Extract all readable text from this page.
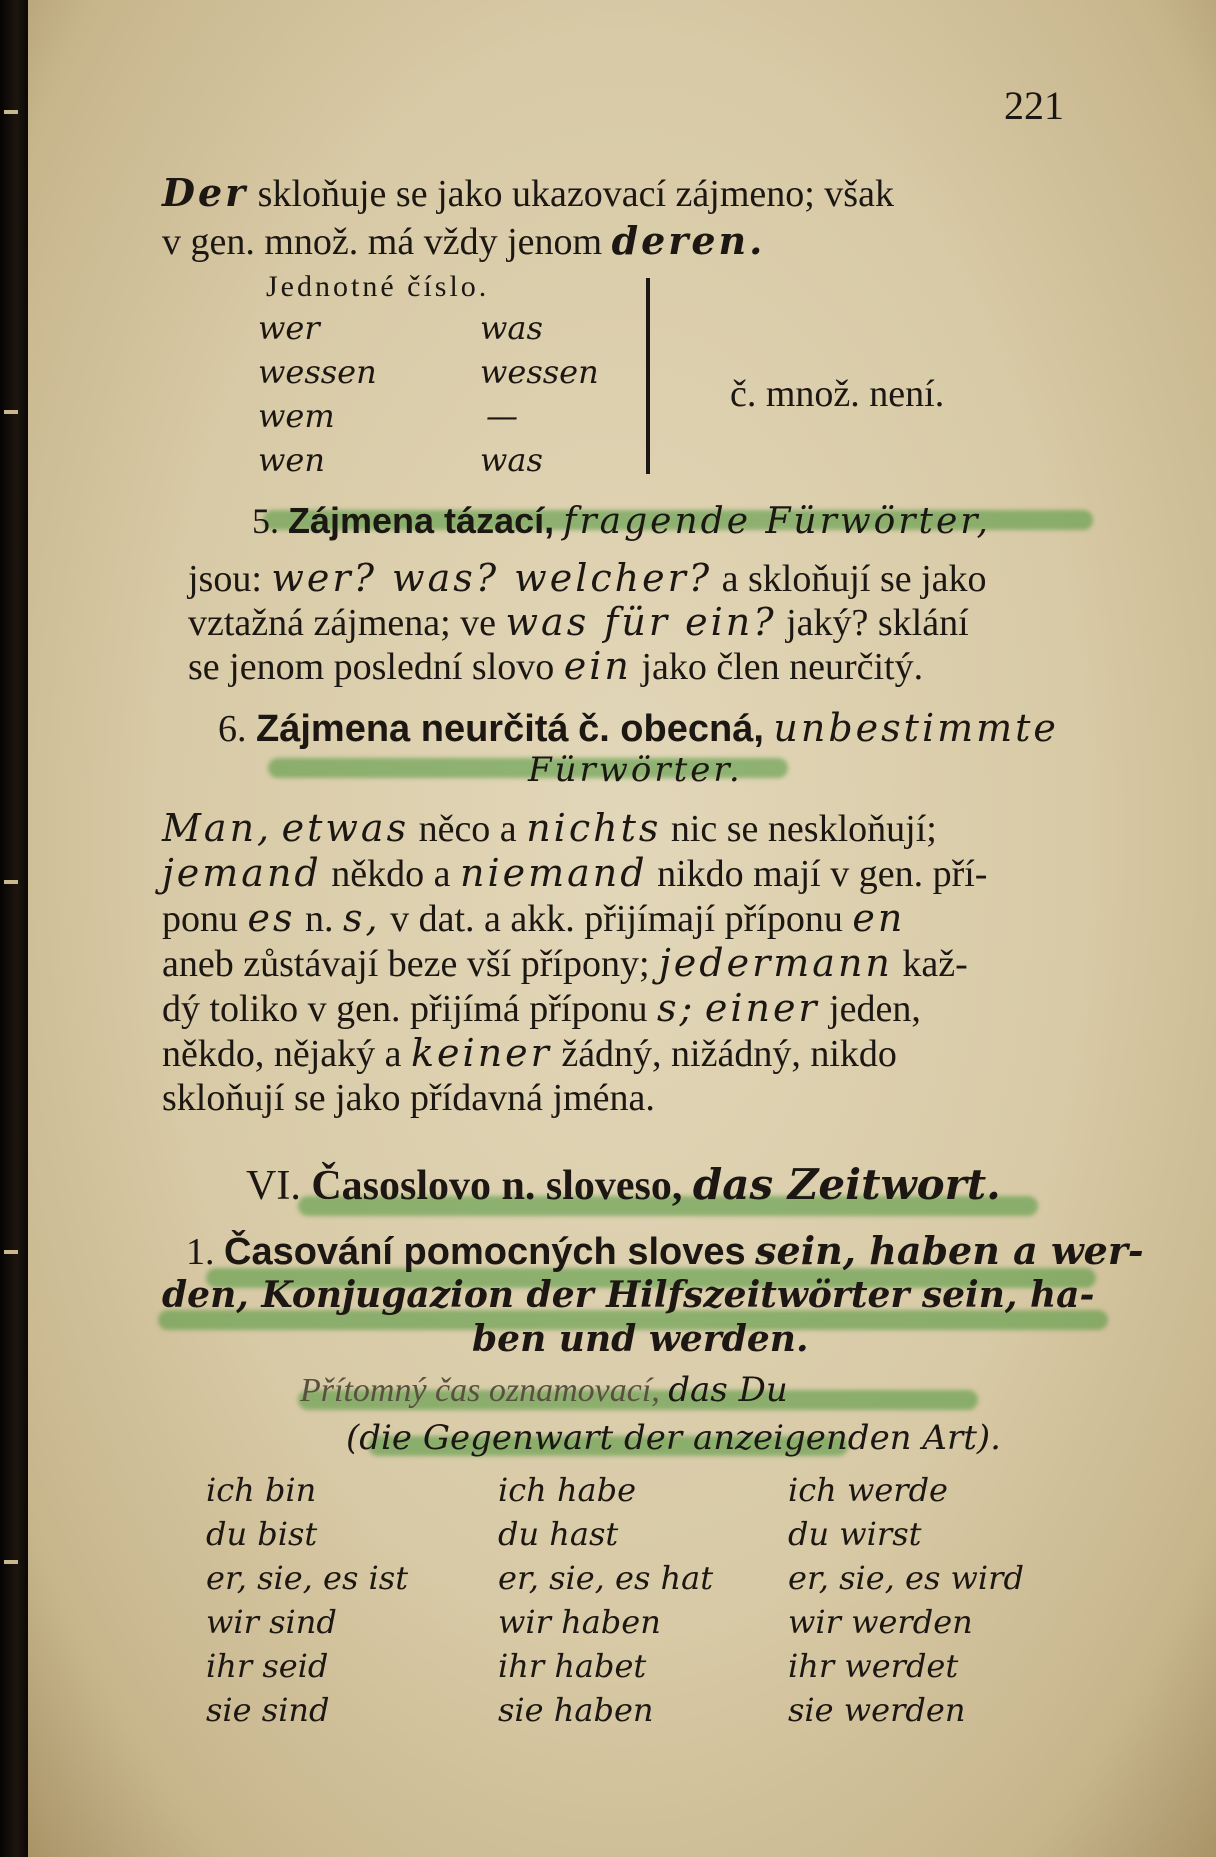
221
Der skloňuje se jako ukazovací zájmeno; však
v gen. množ. má vždy jenom deren.
Jednotné číslo.
wer
wessen
wem
wen
was
wessen
—
was
č. množ. není.
5. Zájmena tázací, fragende Fürwörter,
jsou: wer? was? welcher? a skloňují se jako
vztažná zájmena; ve was für ein? jaký? sklání
se jenom poslední slovo ein jako člen neurčitý.
6. Zájmena neurčitá č. obecná, unbestimmte
Fürwörter.
Man, etwas něco a nichts nic se neskloňují;
jemand někdo a niemand nikdo mají v gen. pří-
ponu es n. s, v dat. a akk. přijímají příponu en
aneb zůstávají beze vší přípony; jedermann kaž-
dý toliko v gen. přijímá příponu s; einer jeden,
někdo, nějaký a keiner žádný, nižádný, nikdo
skloňují se jako přídavná jména.
VI. Časoslovo n. sloveso, das Zeitwort.
1. Časování pomocných sloves sein, haben a wer-
den, Konjugazion der Hilfszeitwörter sein, ha-
ben und werden.
Přítomný čas oznamovací, das Du
(die Gegenwart der anzeigenden Art).
ich bin
du bist
er, sie, es ist
wir sind
ihr seid
sie sind
ich habe
du hast
er, sie, es hat
wir haben
ihr habet
sie haben
ich werde
du wirst
er, sie, es wird
wir werden
ihr werdet
sie werden
